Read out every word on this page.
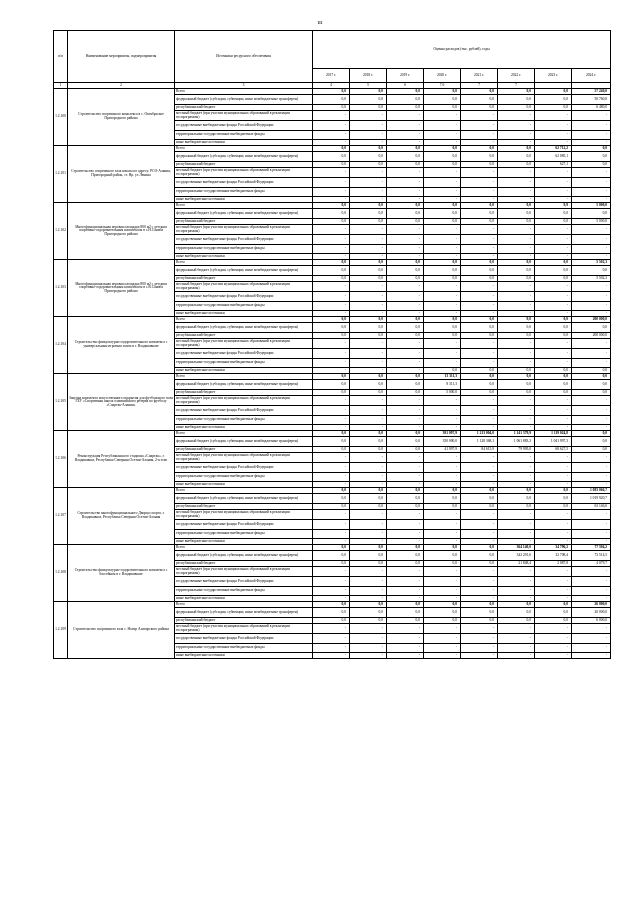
ııı
п/п	Наименование мероприятия, подмероприятия	Источники ресурсного обеспечения	Оценка расходов (тыс. рублей), годы							
			2017 г.	2018 г.	2019 г.	2020 г.	2021 г.	2022 г.	2023 г.	2024 г.
1	2	3	4	5	6	7.6	7	7		
1.2.100	Строительство спортивного комплекса в с. Октябрьское Пригородного района	Всего	0,0	0,0	0,0	0,0	0,0	0,0	0,0	57 240,0
		федеральный бюджет (субсидии, субвенции, иные межбюджетные трансферты)	0,0	0,0	0,0	0,0	0,0	0,0	0,0	50 760,0
		республиканский бюджет	0,0	0,0	0,0	0,0	0,0	0,0	0,0	6 480,0
		местный бюджет (при участии муниципальных образований в реализации госпрограммы)	-	-	-	-	-	-	-	-
		государственные внебюджетные фонды Российской Федерации	-	-	-	-	-	-	-	-
		территориальные государственные внебюджетные фонды	-	-	-	-	-	-	-	-
		иные внебюджетные источники	-	-	-	-	-	-	-	-
1.2.101	Строительство спортивного зала школы по адресу: РСО-Алания, Пригородный район, ст. Нр. ул Ленина	Всего	0,0	0,0	0,0	0,0	0,0	0,0	62 712,2	0,0
		федеральный бюджет (субсидии, субвенции, иные межбюджетные трансферты)	0,0	0,0	0,0	0,0	0,0	0,0	62 085,1	0,0
		республиканский бюджет	0,0	0,0	0,0	0,0	0,0	0,0	627,1	0,0
		местный бюджет (при участии муниципальных образований в реализации госпрограммы)	-	-	-	-	-	-	-	-
		государственные внебюджетные фонды Российской Федерации	-	-	-	-	-	-	-	-
		территориальные государственные внебюджетные фонды	-	-	-	-	-	-	-	-
		иные внебюджетные источники	-	-	-	-	-	-	-	-
1.2.102	Многофункциональная игровая площадка 800 м2 с детским спортивно-оздоровительным комплексом в с.Н.Саниба Пригородного района	Всего	0,0	0,0	0,0	0,0	0,0	0,0	9,9	5 000,0
		федеральный бюджет (субсидии, субвенции, иные межбюджетные трансферты)	0,0	0,0	0,0	0,0	0,0	0,0	0,0	0,0
		республиканский бюджет	0,0	0,0	0,0	0,0	0,0	0,0	0,0	5 000,0
		местный бюджет (при участии муниципальных образований в реализации госпрограммы)	-	-	-	-	-	-	-	-
		государственные внебюджетные фонды Российской Федерации	-	-	-	-	-	-	-	-
		территориальные государственные внебюджетные фонды	-	-	-	-	-	-	-	-
		иные внебюджетные источники	-	-	-	-	-	-	-	-
1.2.103	Многофункциональная игровая площадка 800 м2 с детским спортивно-оздоровительным комплексом в с.В.Саниба Пригородного района	Всего	0,0	0,0	0,0	0,0	0,0	0,0	0,0	5 502,3
		федеральный бюджет (субсидии, субвенции, иные межбюджетные трансферты)	0,0	0,0	0,0	0,0	0,0	0,0	0,0	0,0
		республиканский бюджет	0,0	0,0	0,0	0,0	0,0	0,0	0,0	5 502,3
		местный бюджет (при участии муниципальных образований в реализации госпрограммы)	-	-	-	-	-	-	-	-
		государственные внебюджетные фонды Российской Федерации	-	-	-	-	-	-	-	-
		территориальные государственные внебюджетные фонды	-	-	-	-	-	-	-	-
		иные внебюджетные источники	-	-	-	-	-	-	-	-
1.2.104	Строительство физкультурно-оздоровительного комплекса с универсальным игровым залом в г. Владикавказе	Всего	0,0	0,0	0,0	0,0	0,0	0,0	0,0	200 000,0
		федеральный бюджет (субсидии, субвенции, иные межбюджетные трансферты)	0,0	0,0	0,0	0,0	0,0	0,0	0,0	0,0
		республиканский бюджет	0,0	0,0	0,0	0,0	0,0	0,0	0,0	200 000,0
		местный бюджет (при участии муниципальных образований в реализации госпрограммы)	-	-	-	-	-	-	-	-
		государственные внебюджетные фонды Российской Федерации	-	-	-	-	-	-	-	-
		территориальные государственные внебюджетные фонды	-	-	-	-	-	-	-	-
		иные внебюджетные источники	-	-	-	0,0	0,0	0,0	0,0	0,0
1.2.105	Закупка комплекта искусственного покрытия для футбольного поля ГБУ «Спортивная школа олимпийского резерва по футболу «Спартак-Алания»	Всего	0,0	0,0	0,0	13 311,3	0,0	0,0	0,0	0,0
		федеральный бюджет (субсидии, субвенции, иные межбюджетные трансферты)	0,0	0,0	0,0	8 311,3	0,0	0,0	0,0	0,0
		республиканский бюджет	0,0	0,0	0,0	5 000,0	0,0	0,0	0,0	0,0
		местный бюджет (при участии муниципальных образований в реализации госпрограммы)	-	-	-	-	-	-	-	-
		государственные внебюджетные фонды Российской Федерации	-	-	-	-	-	-	-	-
		территориальные государственные внебюджетные фонды	-	-	-	-	-	-	-	-
		иные внебюджетные источники	-	-	-	-	-	-	-	-
1.2.106	Реконструкция Республиканского стадиона «Спартак», г. Владикавказ, Республика Северная Осетия-Алания, 2-я этап	Всего	0,0	0,0	0,0	391 097,9	1 213 004,0	1 141 379,9	1 119 024,8	0,0
		федеральный бюджет (субсидии, субвенции, иные межбюджетные трансферты)	0,0	0,0	0,0	350 000,0	1 128 368,1	1 061 883,3	1 041 997,3	0,0
		республиканский бюджет	0,0	0,0	0,0	41 097,9	84 615,9	79 995,0	68 627,5	0,0
		местный бюджет (при участии муниципальных образований в реализации госпрограммы)	-	-	-	-	-	-	-	-
		государственные внебюджетные фонды Российской Федерации	-	-	-	-	-	-	-	-
		территориальные государственные внебюджетные фонды	-	-	-	-	-	-	-	-
		иные внебюджетные источники	-	-	-	-	-	-	-	-
1.2.107	Строительство многофункционального Дворца спорта, г. Владикавказ, Республика Северная Осетия-Алания	Всего	0,0	0,0	0,0	0,0	0,0	0,0	0,0	1 083 066,7
		федеральный бюджет (субсидии, субвенции, иные межбюджетные трансферты)	0,0	0,0	0,0	0,0	0,0	0,0	0,0	1 019 920,7
		республиканский бюджет	0,0	0,0	0,0	0,0	0,0	0,0	0,0	63 146,0
		местный бюджет (при участии муниципальных образований в реализации госпрограммы)	-	-	-	-	-	-	-	-
		государственные внебюджетные фонды Российской Федерации	-	-	-	-	-	-	-	-
		территориальные государственные внебюджетные фонды	-	-	-	-	-	-	-	-
		иные внебюджетные источники	-	-	-	-	-	-	-	-
1.2.108	Строительство физкультурно-оздоровительного комплекса с бассейном в г. Владикавказе	Всего	0,0	0,0	0,0	0,0	0,0	364 140,0	34 796,2	77 594,2
		федеральный бюджет (субсидии, субвенции, иные межбюджетные трансферты)	0,0	0,0	0,0	0,0	0,0	342 291,6	32 708,4	73 514,5
		республиканский бюджет	0,0	0,0	0,0	0,0	0,0	21 848,4	2 087,8	4 079,7
		местный бюджет (при участии муниципальных образований в реализации госпрограммы)	-	-	-	-	-	-	-	-
		государственные внебюджетные фонды Российской Федерации	-	-	-	-	-	-	-	-
		территориальные государственные внебюджетные фонды	-	-	-	-	-	-	-	-
		иные внебюджетные источники	-	-	-	-	-	-	-	-
1.2.109	Строительство спортивного зала с. Ногир Алагирского района	Всего	0,0	0,0	0,0	0,0	0,0	0,0	0,0	26 000,0
		федеральный бюджет (субсидии, субвенции, иные межбюджетные трансферты)	0,0	0,0	0,0	0,0	0,0	0,0	0,0	20 000,0
		республиканский бюджет	0,0	0,0	0,0	0,0	0,0	0,0	0,0	6 000,0
		местный бюджет (при участии муниципальных образований в реализации госпрограммы)	-	-	-	-	-	-	-	-
		государственные внебюджетные фонды Российской Федерации	-	-	-	-	-	-	-	-
		территориальные государственные внебюджетные фонды	-	-	-	-	-	-	-	-
		иные внебюджетные источники	-	-	-	-	-	-	-	-
